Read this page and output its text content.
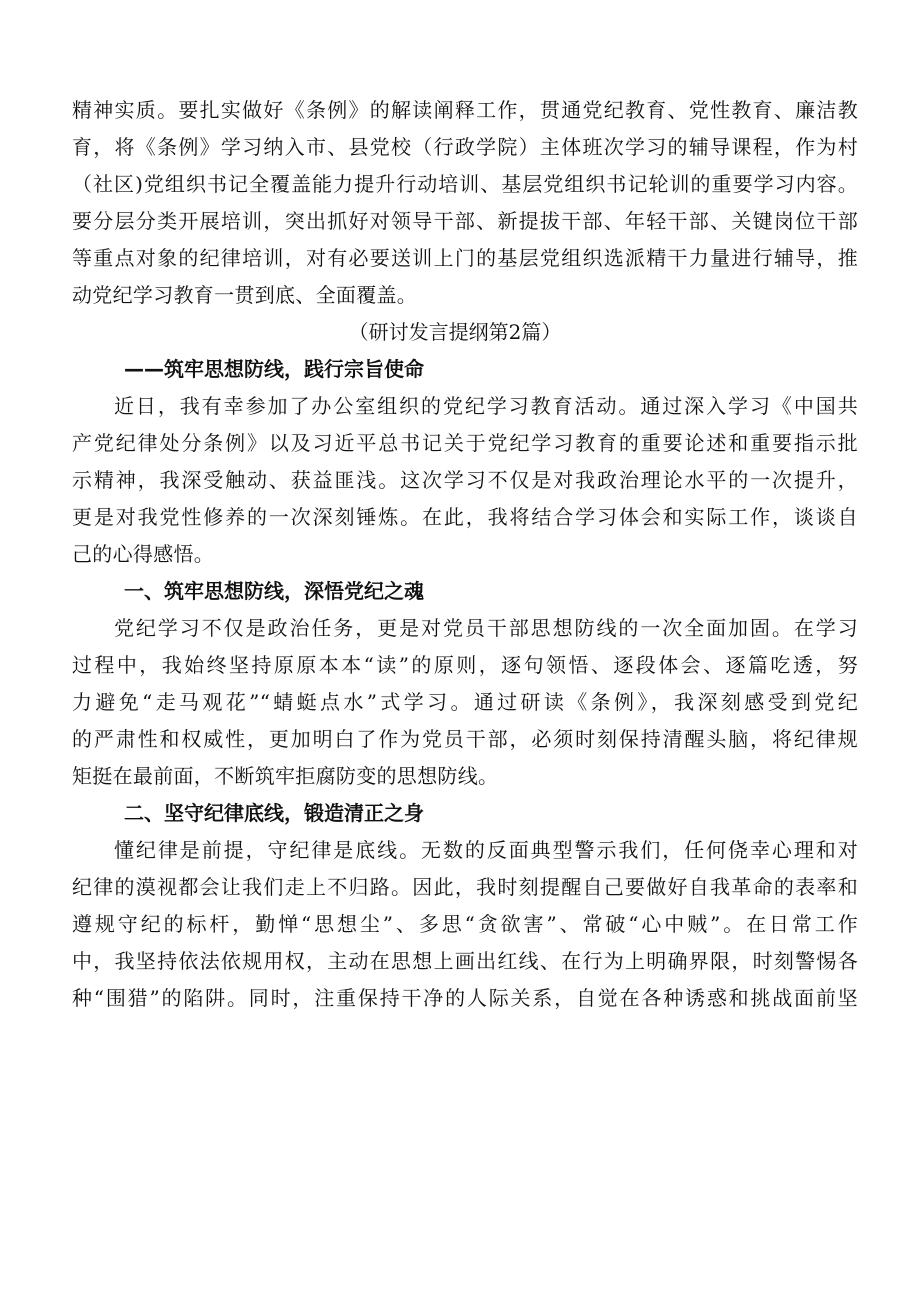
精神实质。要扎实做好《条例》的解读阐释工作，贯通党纪教育、党性教育、廉洁教
育，将《条例》学习纳入市、县党校（行政学院）主体班次学习的辅导课程，作为村
（社区)党组织书记全覆盖能力提升行动培训、基层党组织书记轮训的重要学习内容。
要分层分类开展培训，突出抓好对领导干部、新提拔干部、年轻干部、关键岗位干部
等重点对象的纪律培训，对有必要送训上门的基层党组织选派精干力量进行辅导，推
动党纪学习教育一贯到底、全面覆盖。
（研讨发言提纲第2篇）
——筑牢思想防线，践行宗旨使命
近日，我有幸参加了办公室组织的党纪学习教育活动。通过深入学习《中国共
产党纪律处分条例》以及习近平总书记关于党纪学习教育的重要论述和重要指示批
示精神，我深受触动、获益匪浅。这次学习不仅是对我政治理论水平的一次提升，
更是对我党性修养的一次深刻锤炼。在此，我将结合学习体会和实际工作，谈谈自
己的心得感悟。
一、筑牢思想防线，深悟党纪之魂
党纪学习不仅是政治任务，更是对党员干部思想防线的一次全面加固。在学习
过程中，我始终坚持原原本本“读”的原则，逐句领悟、逐段体会、逐篇吃透，努
力避免“走马观花”“蜻蜓点水”式学习。通过研读《条例》，我深刻感受到党纪
的严肃性和权威性，更加明白了作为党员干部，必须时刻保持清醒头脑，将纪律规
矩挺在最前面，不断筑牢拒腐防变的思想防线。
二、坚守纪律底线，锻造清正之身
懂纪律是前提，守纪律是底线。无数的反面典型警示我们，任何侥幸心理和对
纪律的漠视都会让我们走上不归路。因此，我时刻提醒自己要做好自我革命的表率和
遵规守纪的标杆，勤惮“思想尘”、多思“贪欲害”、常破“心中贼”。在日常工作
中，我坚持依法依规用权，主动在思想上画出红线、在行为上明确界限，时刻警惕各
种“围猎”的陷阱。同时，注重保持干净的人际关系，自觉在各种诱惑和挑战面前坚
